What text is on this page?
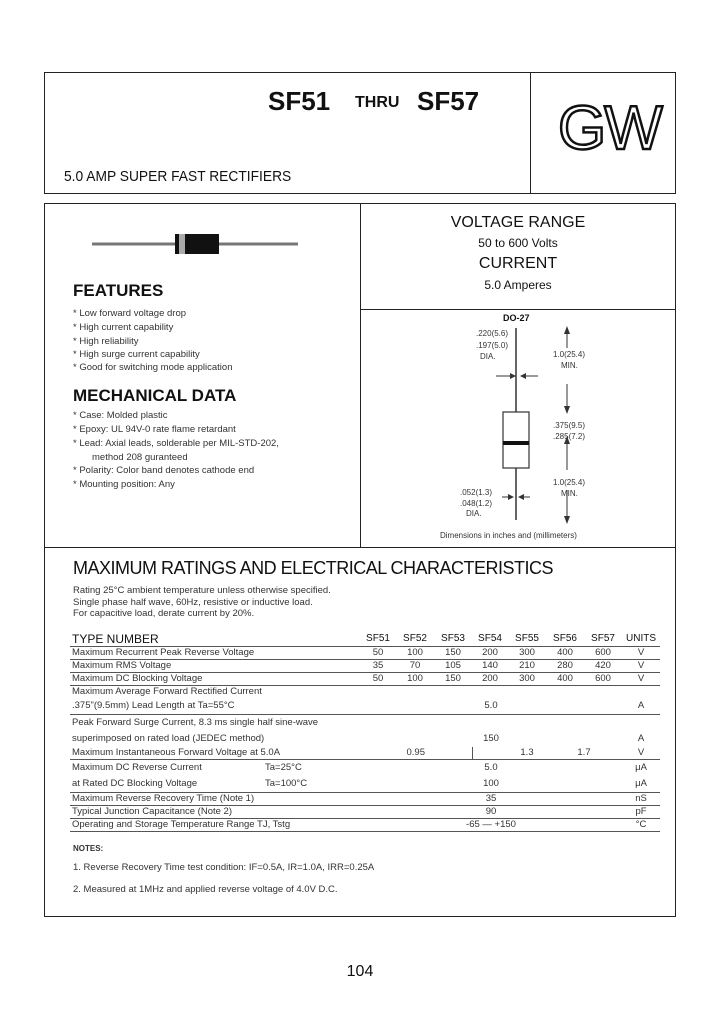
SF51 THRU SF57 GW
5.0 AMP SUPER FAST RECTIFIERS
VOLTAGE RANGE
50 to 600 Volts
CURRENT
5.0 Amperes
FEATURES
* Low forward voltage drop
* High current capability
* High reliability
* High surge current capability
* Good for switching mode application
MECHANICAL DATA
* Case: Molded plastic
* Epoxy: UL 94V-0 rate flame retardant
* Lead: Axial leads, solderable per MIL-STD-202,
method 208 guranteed
* Polarity: Color band denotes cathode end
* Mounting position: Any
DO-27
.220(5.6)
.197(5.0)
DIA.	1.0(25.4)
MIN.
.375(9.5)
.285(7.2)
1.0(25.4)
MIN.
.052(1.3)
.048(1.2)
DIA.
Dimensions in inches and (millimeters)
MAXIMUM RATINGS AND ELECTRICAL CHARACTERISTICS
Rating 25°C ambient temperature unless otherwise specified.
Single phase half wave, 60Hz, resistive or inductive load.
For capacitive load, derate current by 20%.
TYPE NUMBER	SF51	SF52	SF53	SF54	SF55	SF56	SF57	UNITS
Maximum Recurrent Peak Reverse Voltage	50	100	150	200	300	400	600	V
Maximum RMS Voltage	35	70	105	140	210	280	420	V
Maximum DC Blocking Voltage	50	100	150	200	300	400	600	V
Maximum Average Forward Rectified Current								
.375"(9.5mm) Lead Length at Ta=55°C	5.0							A
Peak Forward Surge Current, 8.3 ms single half sine-wave								
superimposed on rated load (JEDEC method)	150							A
Maximum Instantaneous Forward Voltage at 5.0A	0.95				1.3	1.7		V
Maximum DC Reverse Current Ta=25°C	5.0							μA
at Rated DC Blocking Voltage Ta=100°C	100							μA
Maximum Reverse Recovery Time (Note 1)	35							nS
Typical Junction Capacitance (Note 2)	90							pF
Operating and Storage Temperature Range TJ, Tstg	-65 — +150							°C
NOTES:
1. Reverse Recovery Time test condition: IF=0.5A, IR=1.0A, IRR=0.25A
2. Measured at 1MHz and applied reverse voltage of 4.0V D.C.
104
